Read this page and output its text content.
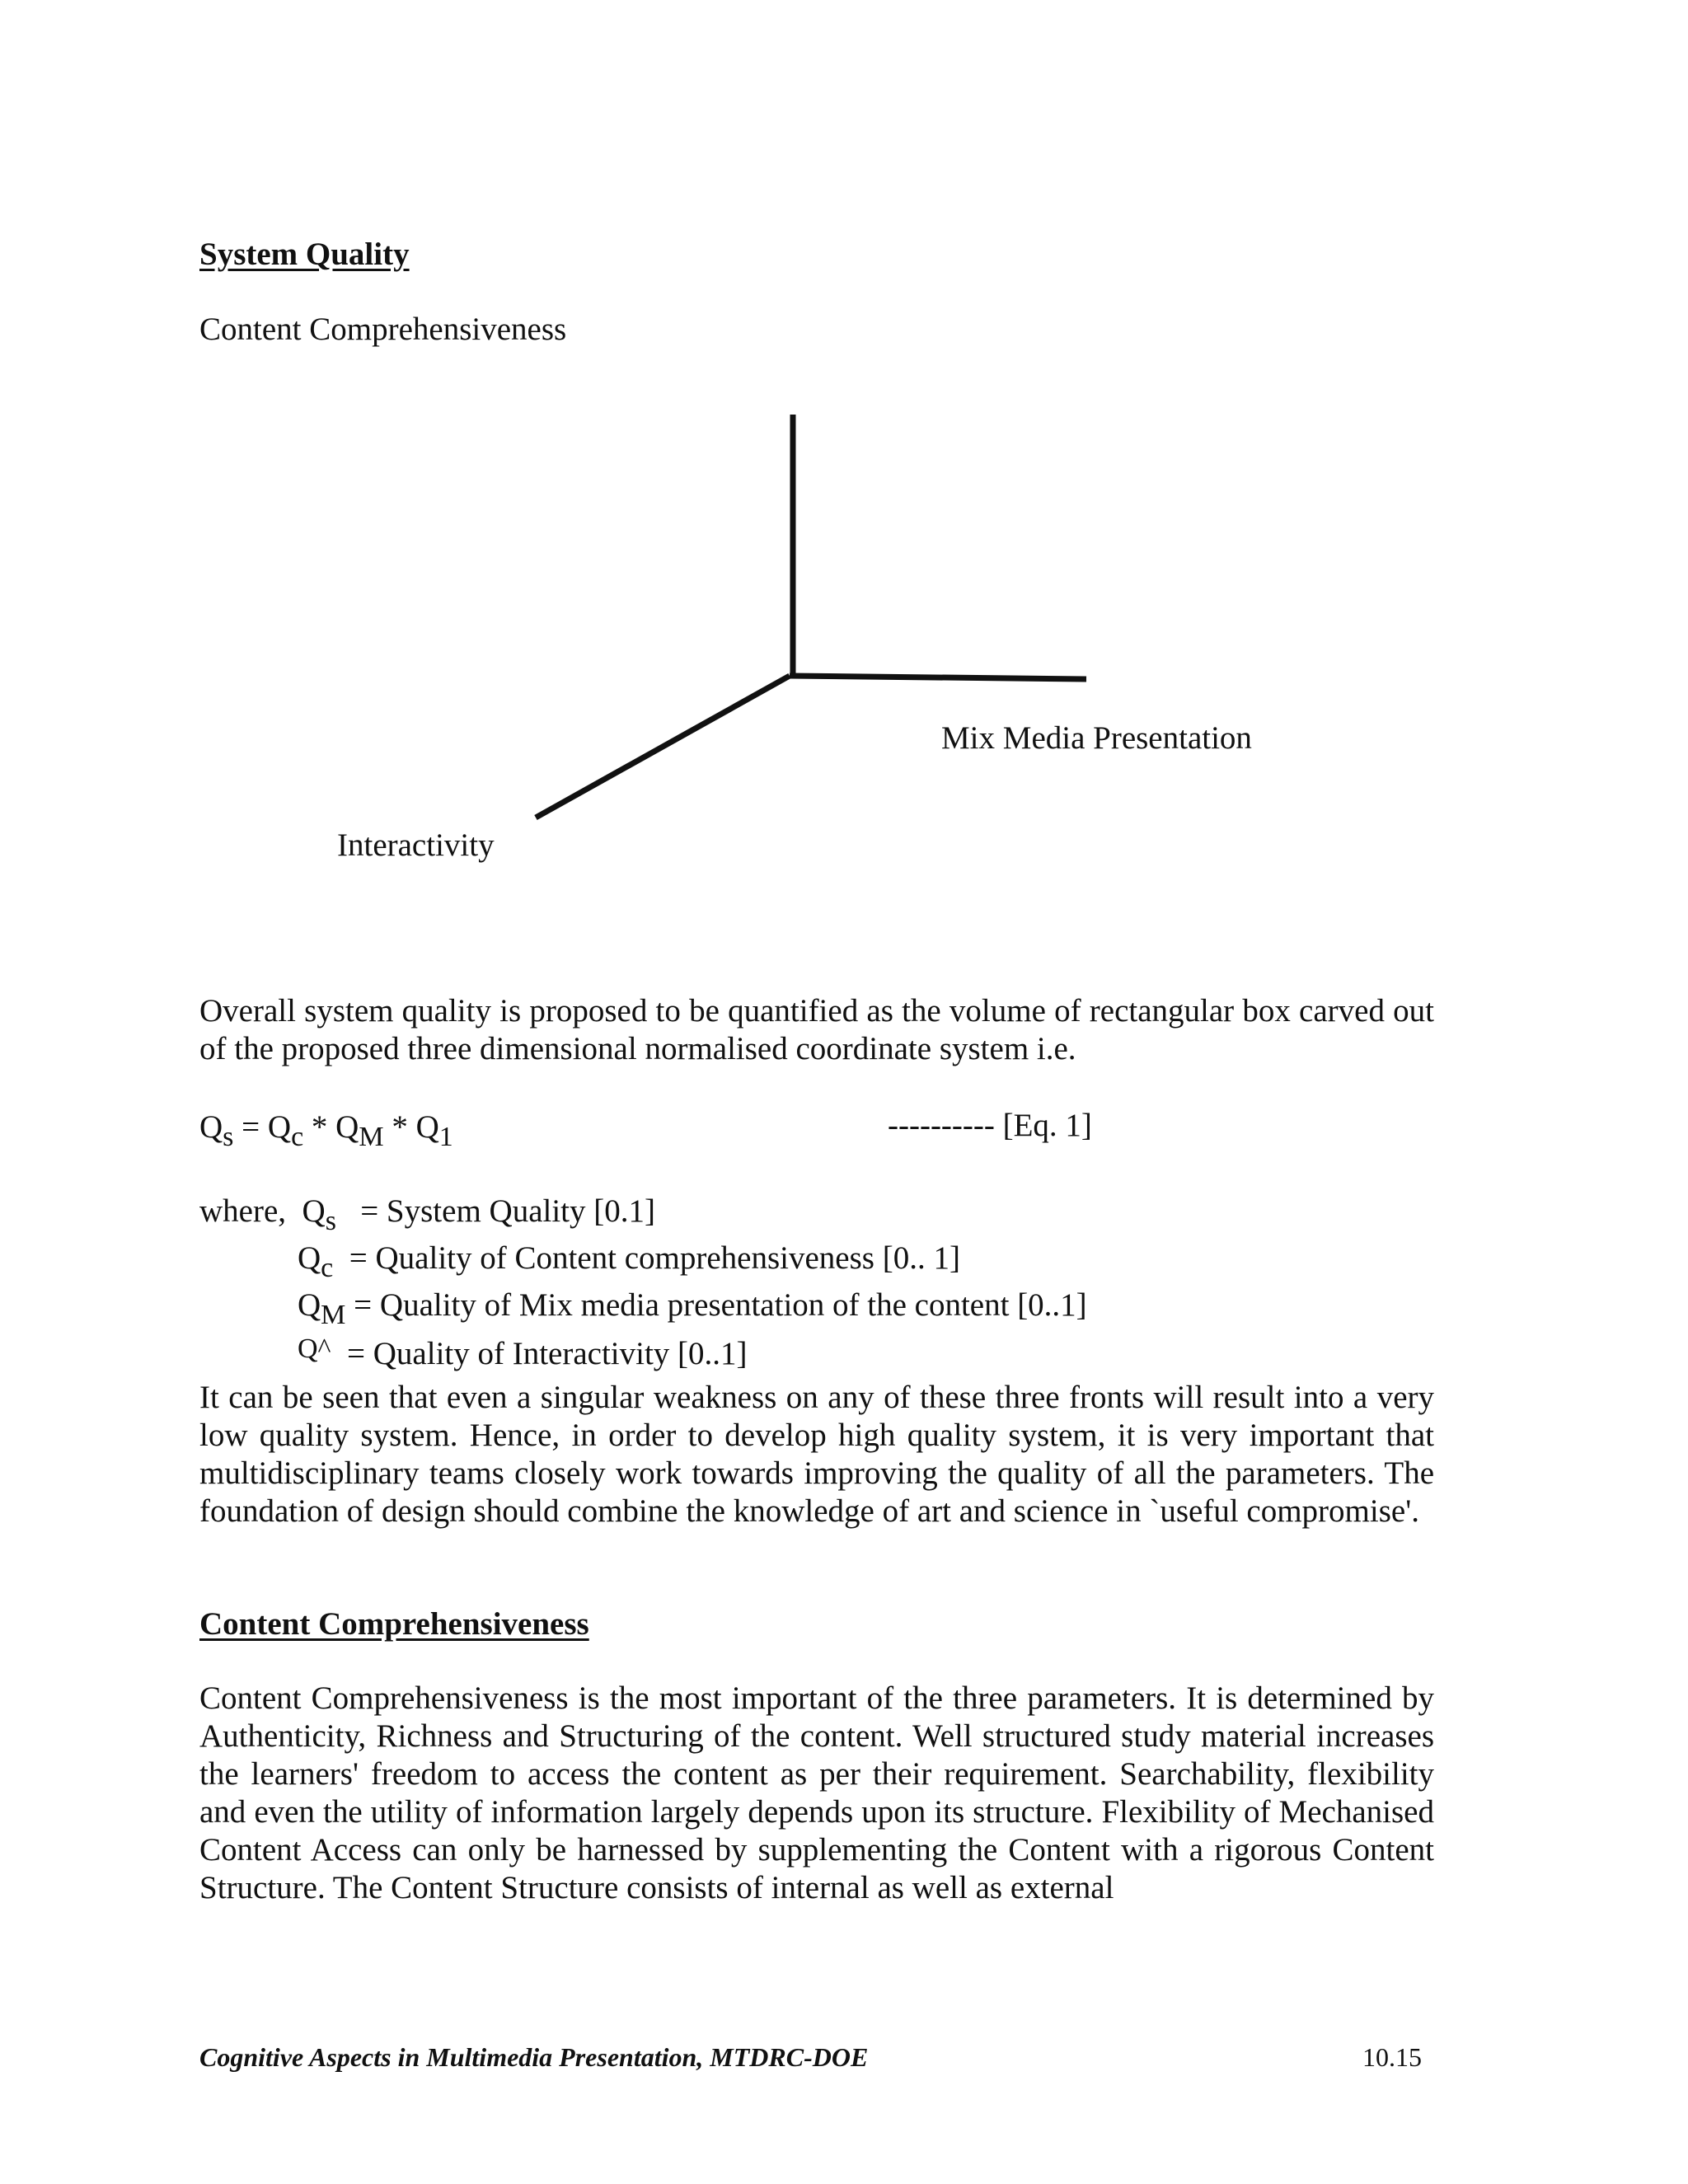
System Quality
Content Comprehensiveness
Mix Media Presentation
Interactivity
Overall system quality is proposed to be quantified as the volume of rectangular box carved out of the proposed three dimensional normalised coordinate system i.e.
$Q_s = Q_c * Q_M * Q_1$	---------- [Eq. 1]
where, $Q_s$ = System Quality [0.1]
$Q_c$ = Quality of Content comprehensiveness [0.. 1]
$Q_M$ = Quality of Mix media presentation of the content [0..1]
Q^ = Quality of Interactivity [0..1]
It can be seen that even a singular weakness on any of these three fronts will result into a very low quality system. Hence, in order to develop high quality system, it is very important that multidisciplinary teams closely work towards improving the quality of all the parameters. The foundation of design should combine the knowledge of art and science in `useful compromise'.
Content Comprehensiveness
Content Comprehensiveness is the most important of the three parameters. It is determined by Authenticity, Richness and Structuring of the content. Well structured study material increases the learners' freedom to access the content as per their requirement. Searchability, flexibility and even the utility of information largely depends upon its structure. Flexibility of Mechanised Content Access can only be harnessed by supplementing the Content with a rigorous Content Structure. The Content Structure consists of internal as well as external
Cognitive Aspects in Multimedia Presentation, MTDRC-DOE	10.15
